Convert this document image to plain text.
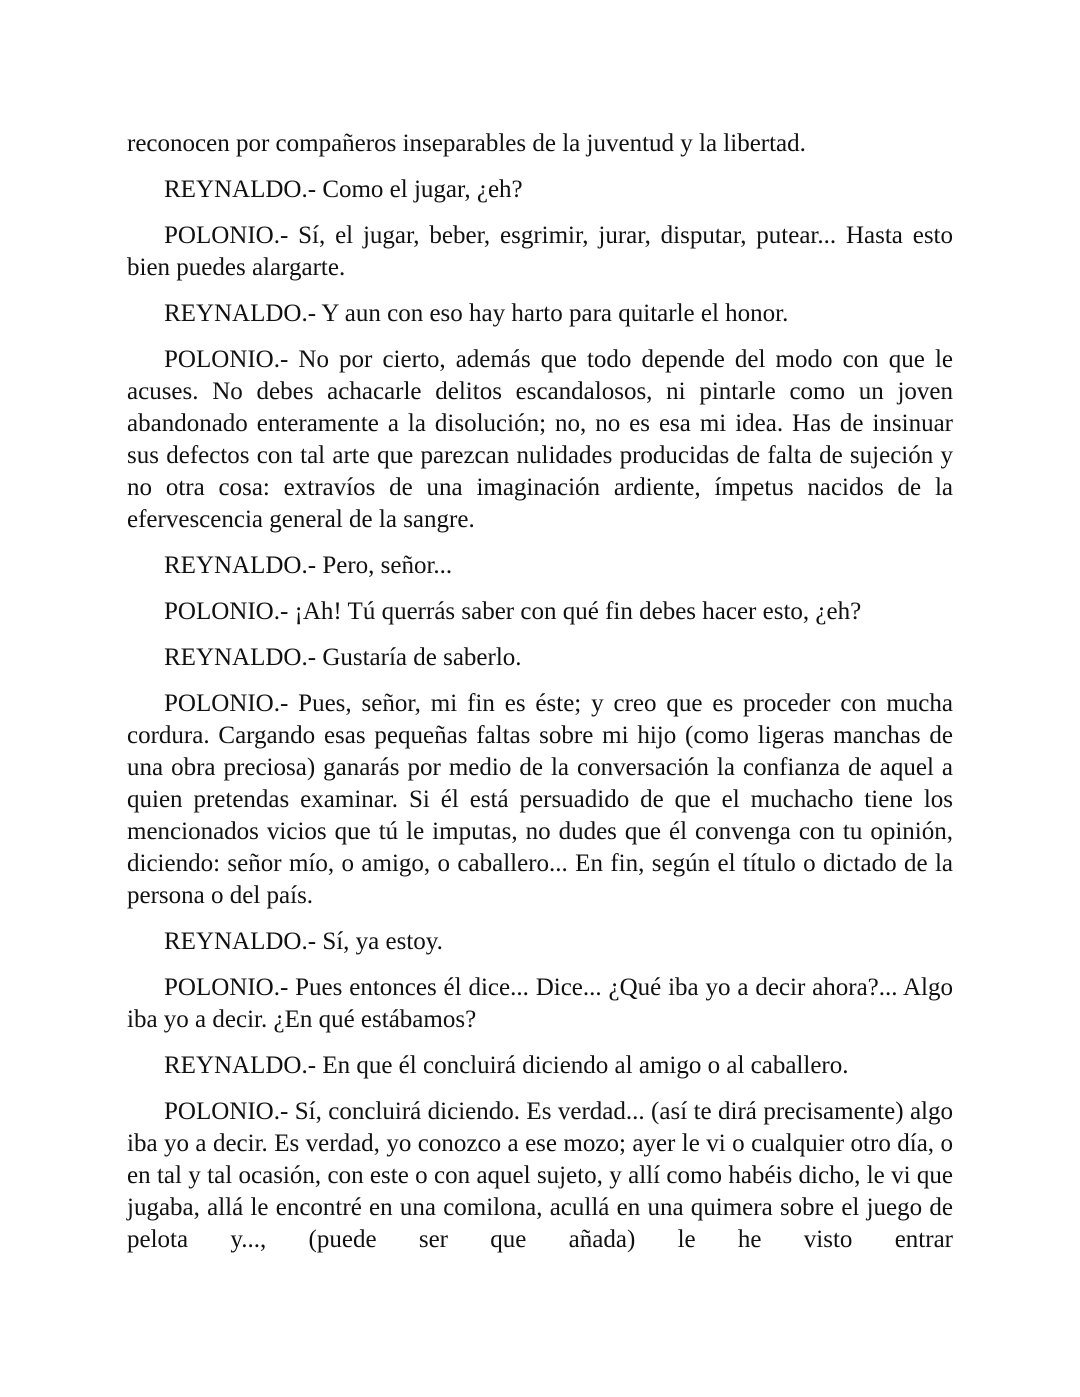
reconocen por compañeros inseparables de la juventud y la libertad.

REYNALDO.- Como el jugar, ¿eh?

POLONIO.- Sí, el jugar, beber, esgrimir, jurar, disputar, putear... Hasta esto bien puedes alargarte.

REYNALDO.- Y aun con eso hay harto para quitarle el honor.

POLONIO.- No por cierto, además que todo depende del modo con que le acuses. No debes achacarle delitos escandalosos, ni pintarle como un joven abandonado enteramente a la disolución; no, no es esa mi idea. Has de insinuar sus defectos con tal arte que parezcan nulidades producidas de falta de sujeción y no otra cosa: extravíos de una imaginación ardiente, ímpetus nacidos de la efervescencia general de la sangre.

REYNALDO.- Pero, señor...

POLONIO.- ¡Ah! Tú querrás saber con qué fin debes hacer esto, ¿eh?

REYNALDO.- Gustaría de saberlo.

POLONIO.- Pues, señor, mi fin es éste; y creo que es proceder con mucha cordura. Cargando esas pequeñas faltas sobre mi hijo (como ligeras manchas de una obra preciosa) ganarás por medio de la conversación la confianza de aquel a quien pretendas examinar. Si él está persuadido de que el muchacho tiene los mencionados vicios que tú le imputas, no dudes que él convenga con tu opinión, diciendo: señor mío, o amigo, o caballero... En fin, según el título o dictado de la persona o del país.

REYNALDO.- Sí, ya estoy.

POLONIO.- Pues entonces él dice... Dice... ¿Qué iba yo a decir ahora?... Algo iba yo a decir. ¿En qué estábamos?

REYNALDO.- En que él concluirá diciendo al amigo o al caballero.

POLONIO.- Sí, concluirá diciendo. Es verdad... (así te dirá precisamente) algo iba yo a decir. Es verdad, yo conozco a ese mozo; ayer le vi o cualquier otro día, o en tal y tal ocasión, con este o con aquel sujeto, y allí como habéis dicho, le vi que jugaba, allá le encontré en una comilona, acullá en una quimera sobre el juego de pelota y..., (puede ser que añada) le he visto entrar
